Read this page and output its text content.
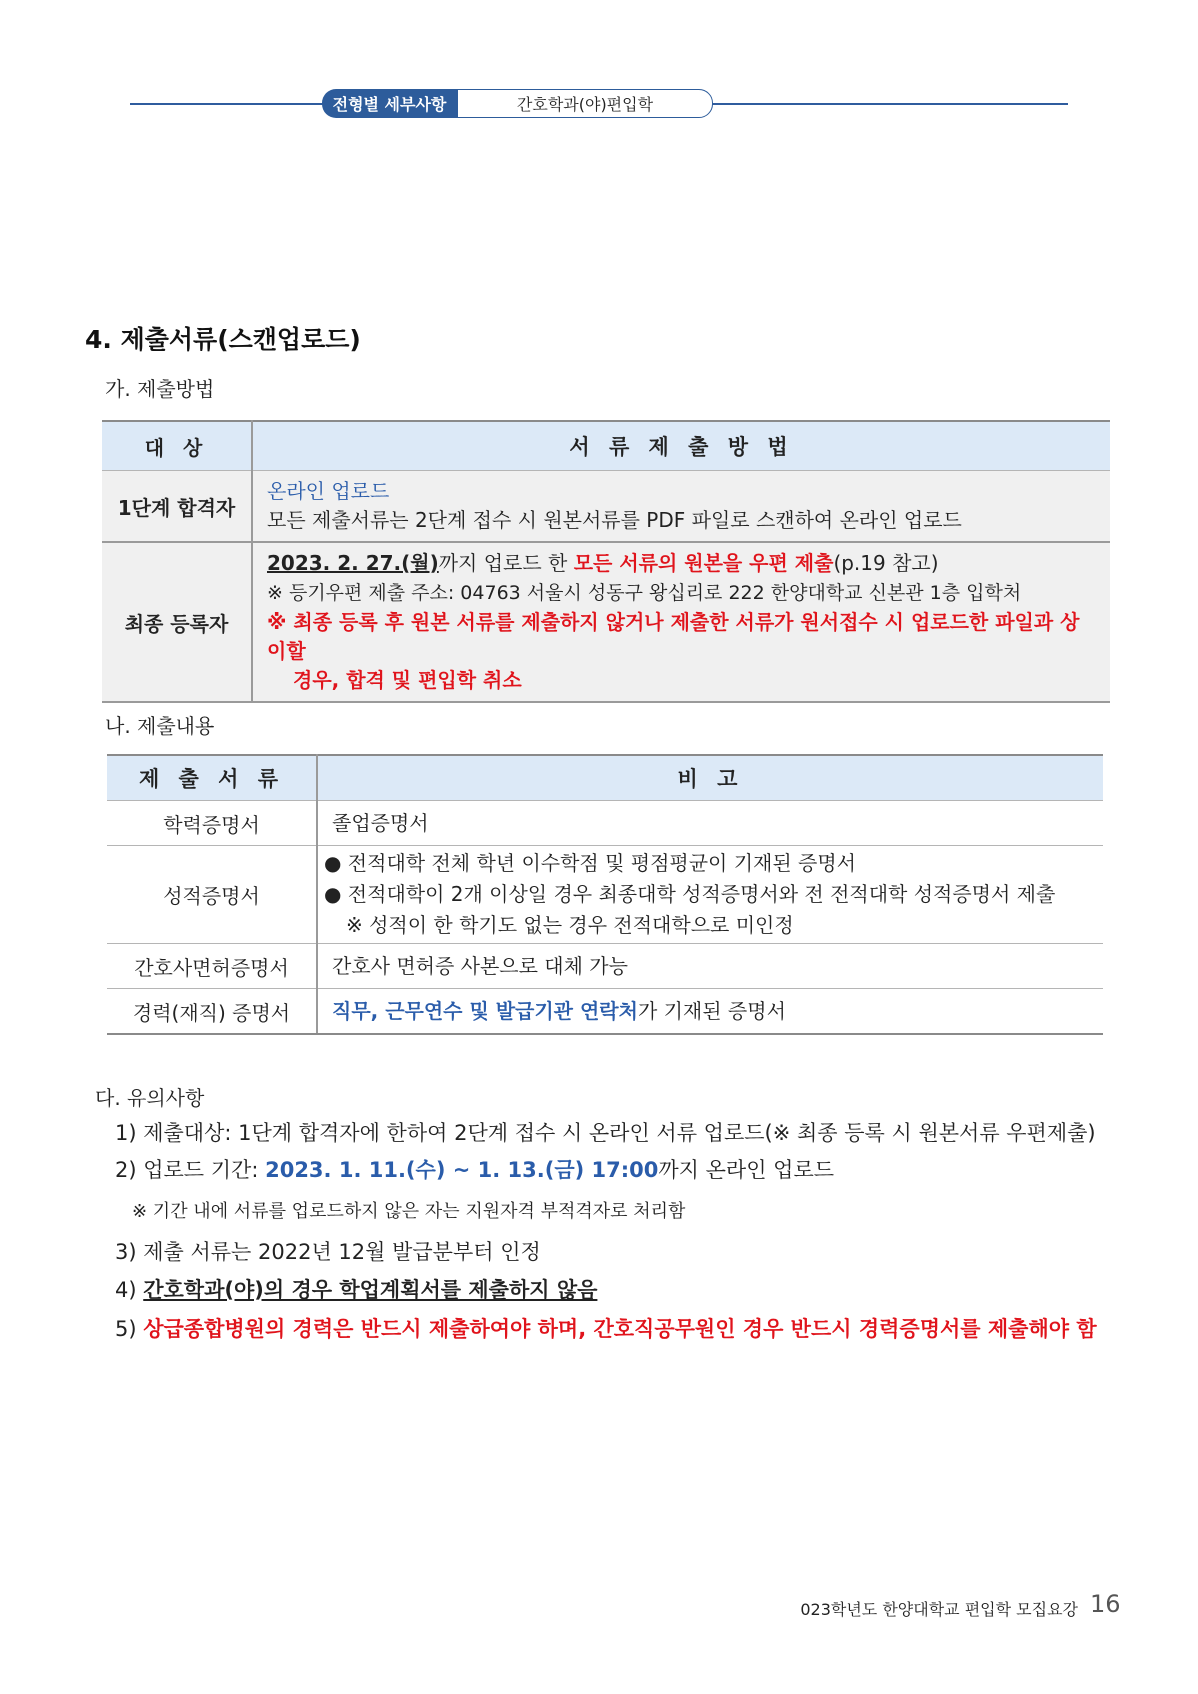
전형별 세부사항	간호학과(야)편입학
4. 제출서류(스캔업로드)
가. 제출방법
대 상	서 류 제 출 방 법
1단계 합격자	온라인 업로드
모든 제출서류는 2단계 접수 시 원본서류를 PDF 파일로 스캔하여 온라인 업로드
최종 등록자	2023. 2. 27.(월)까지 업로드 한 모든 서류의 원본을 우편 제출(p.19 참고)
※ 등기우편 제출 주소: 04763 서울시 성동구 왕십리로 222 한양대학교 신본관 1층 입학처
※ 최종 등록 후 원본 서류를 제출하지 않거나 제출한 서류가 원서접수 시 업로드한 파일과 상이할
경우, 합격 및 편입학 취소
나. 제출내용
제 출 서 류	비 고
학력증명서	졸업증명서
성적증명서	● 전적대학 전체 학년 이수학점 및 평점평균이 기재된 증명서
● 전적대학이 2개 이상일 경우 최종대학 성적증명서와 전 전적대학 성적증명서 제출
※ 성적이 한 학기도 없는 경우 전적대학으로 미인정

간호사면허증명서	간호사 면허증 사본으로 대체 가능
경력(재직) 증명서	직무, 근무연수 및 발급기관 연락처가 기재된 증명서
다. 유의사항
1) 제출대상: 1단계 합격자에 한하여 2단계 접수 시 온라인 서류 업로드(※ 최종 등록 시 원본서류 우편제출)
2) 업로드 기간: 2023. 1. 11.(수) ~ 1. 13.(금) 17:00까지 온라인 업로드
※ 기간 내에 서류를 업로드하지 않은 자는 지원자격 부적격자로 처리함
3) 제출 서류는 2022년 12월 발급분부터 인정
4) 간호학과(야)의 경우 학업계획서를 제출하지 않음
5) 상급종합병원의 경력은 반드시 제출하여야 하며, 간호직공무원인 경우 반드시 경력증명서를 제출해야 함
023학년도 한양대학교 편입학 모집요강 16
